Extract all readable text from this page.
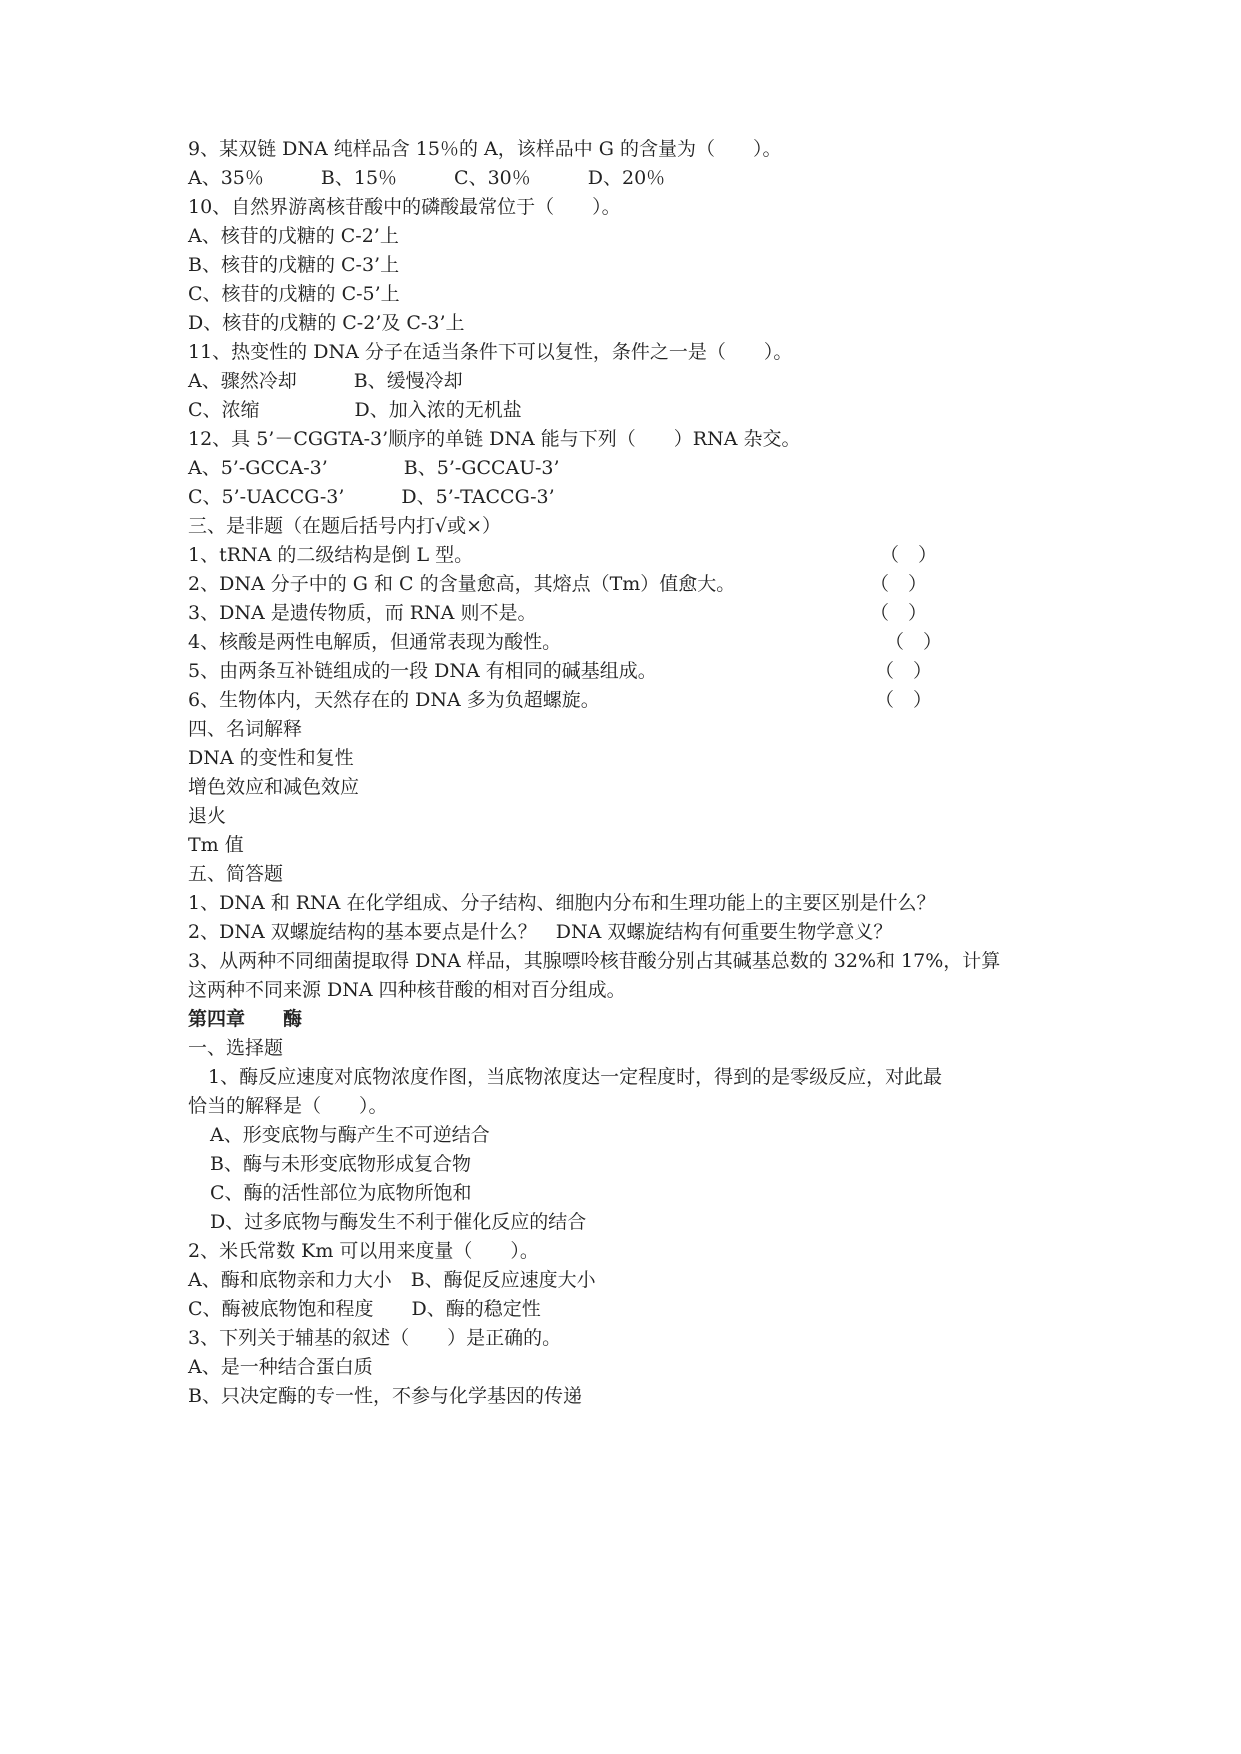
9、某双链 DNA 纯样品含 15％的 A，该样品中 G 的含量为（　　）。
A、35％　　　B、15％　　　C、30％　　　D、20％
10、自然界游离核苷酸中的磷酸最常位于（　　）。
A、核苷的戊糖的 C-2’上
B、核苷的戊糖的 C-3’上
C、核苷的戊糖的 C-5’上
D、核苷的戊糖的 C-2’及 C-3’上
11、热变性的 DNA 分子在适当条件下可以复性，条件之一是（　　）。
A、骤然冷却　　　B、缓慢冷却
C、浓缩　　　　　D、加入浓的无机盐
12、具 5’－CGGTA-3’顺序的单链 DNA 能与下列（　　）RNA 杂交。
A、5’-GCCA-3’　　　　B、5’-GCCAU-3’
C、5’-UACCG-3’　　　D、5’-TACCG-3’
三、是非题（在题后括号内打√或×）
1、tRNA 的二级结构是倒 L 型。	（　）
2、DNA 分子中的 G 和 C 的含量愈高，其熔点（Tm）值愈大。	（　）
3、DNA 是遗传物质，而 RNA 则不是。	（　）
4、核酸是两性电解质，但通常表现为酸性。	（　）
5、由两条互补链组成的一段 DNA 有相同的碱基组成。	（　）
6、生物体内，天然存在的 DNA 多为负超螺旋。	（　）
四、名词解释
DNA 的变性和复性
增色效应和减色效应
退火
Tm 值
五、简答题
1、DNA 和 RNA 在化学组成、分子结构、细胞内分布和生理功能上的主要区别是什么？
2、DNA 双螺旋结构的基本要点是什么？　DNA 双螺旋结构有何重要生物学意义？
3、从两种不同细菌提取得 DNA 样品，其腺嘌呤核苷酸分别占其碱基总数的 32%和 17%，计算
这两种不同来源 DNA 四种核苷酸的相对百分组成。
第四章　　酶
一、选择题
1、酶反应速度对底物浓度作图，当底物浓度达一定程度时，得到的是零级反应，对此最
恰当的解释是（　　）。
A、形变底物与酶产生不可逆结合
B、酶与未形变底物形成复合物
C、酶的活性部位为底物所饱和
D、过多底物与酶发生不利于催化反应的结合
2、米氏常数 Km 可以用来度量（　　）。
A、酶和底物亲和力大小　B、酶促反应速度大小
C、酶被底物饱和程度　　D、酶的稳定性
3、下列关于辅基的叙述（　　）是正确的。
A、是一种结合蛋白质
B、只决定酶的专一性，不参与化学基因的传递
